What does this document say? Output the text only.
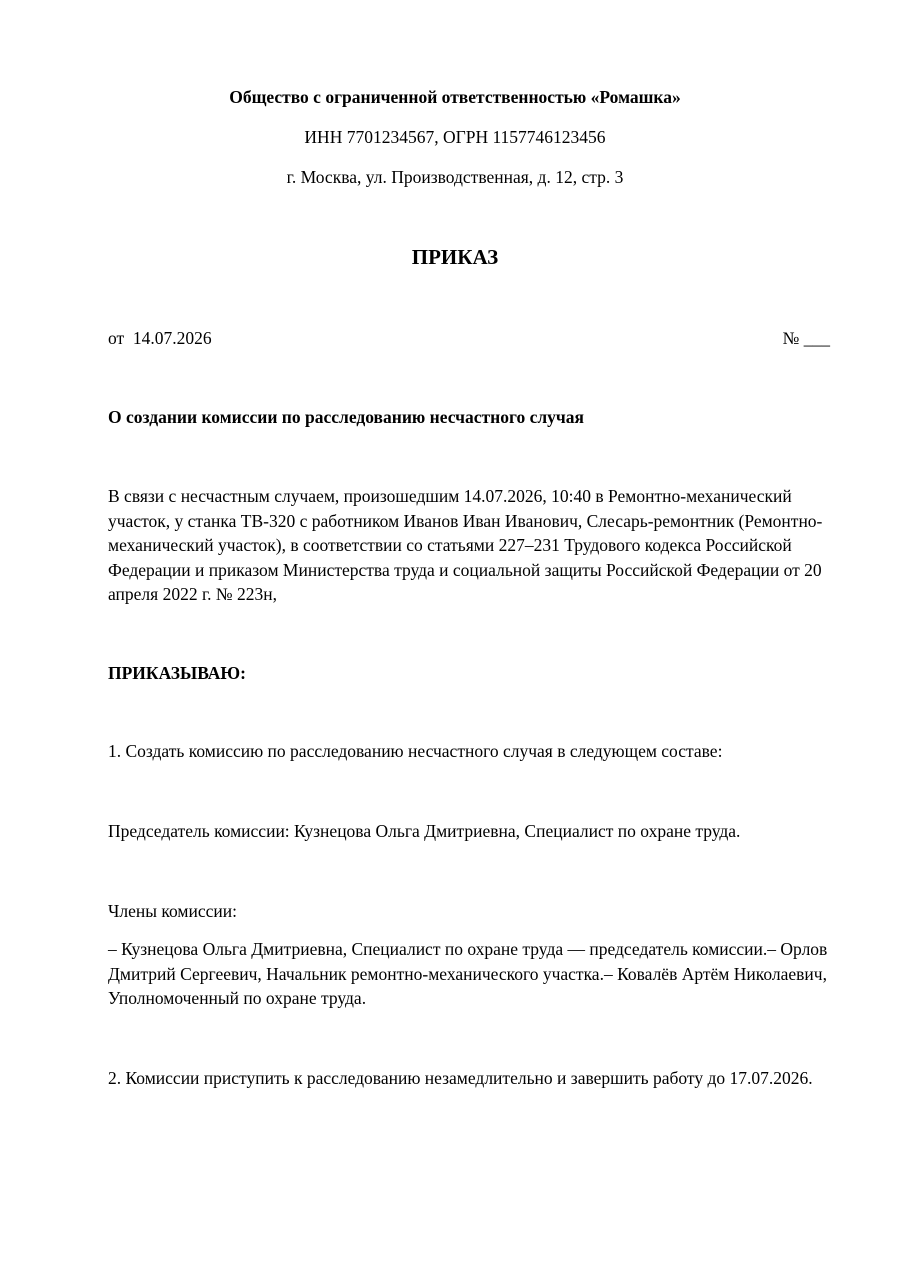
Общество с ограниченной ответственностью «Ромашка»
ИНН 7701234567, ОГРН 1157746123456
г. Москва, ул. Производственная, д. 12, стр. 3
ПРИКАЗ
от 14.07.2026	№ ___
О создании комиссии по расследованию несчастного случая
В связи с несчастным случаем, произошедшим 14.07.2026, 10:40 в Ремонтно-механический участок, у станка ТВ-320 с работником Иванов Иван Иванович, Слесарь-ремонтник (Ремонтно-механический участок), в соответствии со статьями 227–231 Трудового кодекса Российской Федерации и приказом Министерства труда и социальной защиты Российской Федерации от 20 апреля 2022 г. № 223н,
ПРИКАЗЫВАЮ:
1. Создать комиссию по расследованию несчастного случая в следующем составе:
Председатель комиссии: Кузнецова Ольга Дмитриевна, Специалист по охране труда.
Члены комиссии:
– Кузнецова Ольга Дмитриевна, Специалист по охране труда — председатель комиссии.– Орлов Дмитрий Сергеевич, Начальник ремонтно-механического участка.– Ковалёв Артём Николаевич, Уполномоченный по охране труда.
2. Комиссии приступить к расследованию незамедлительно и завершить работу до 17.07.2026.
